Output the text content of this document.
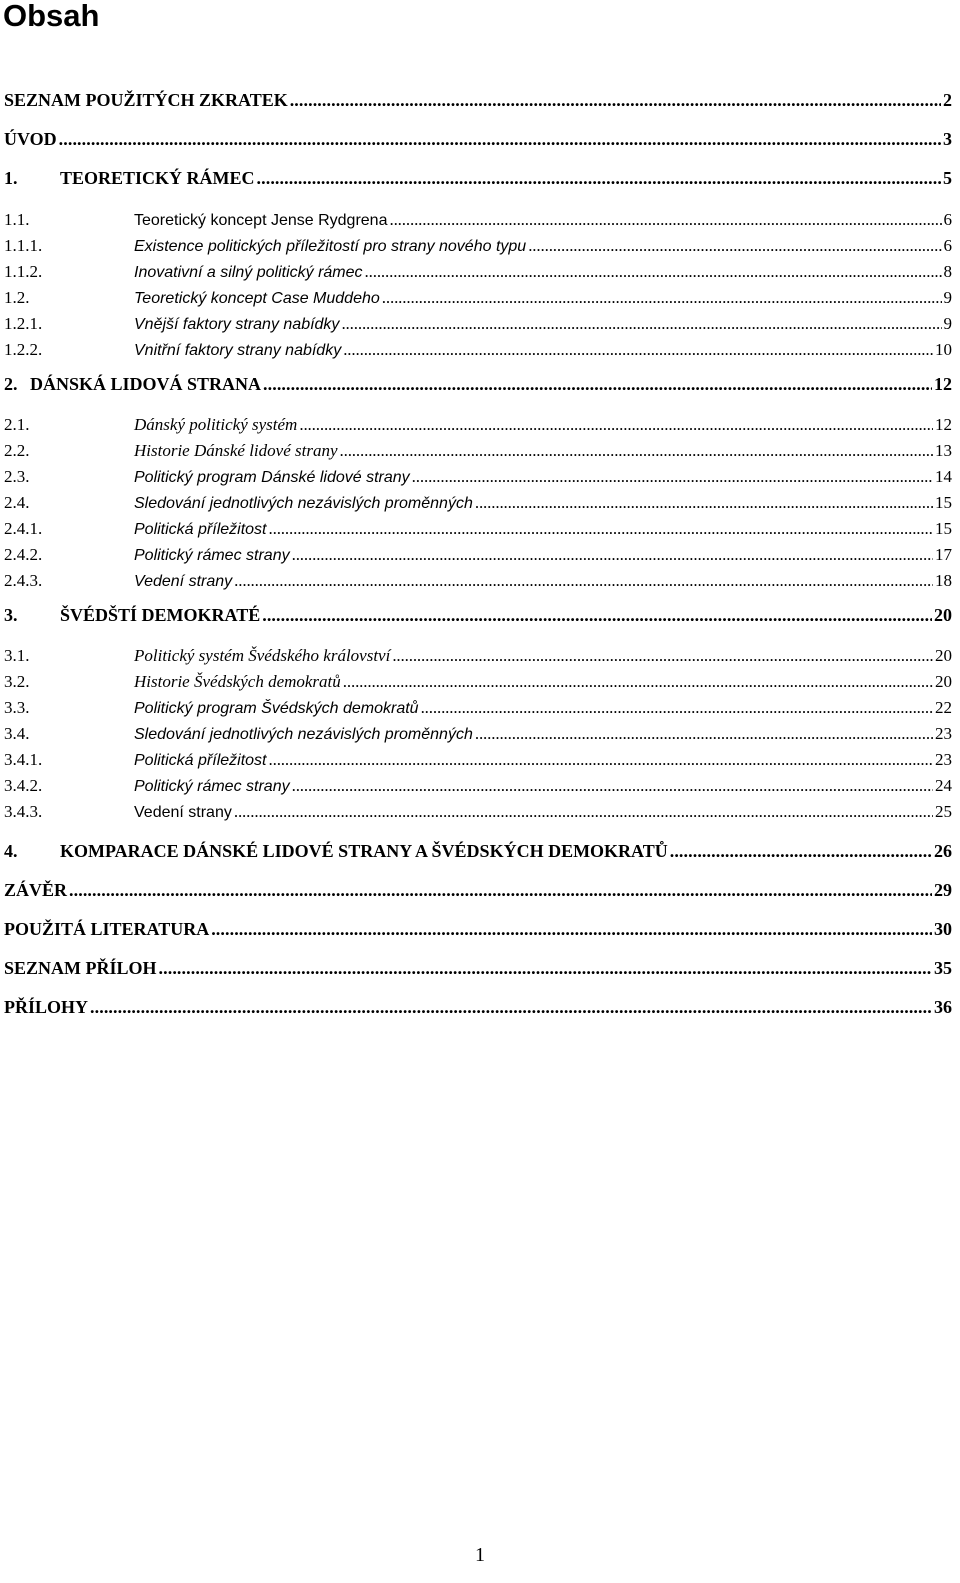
Obsah
SEZNAM POUŽITÝCH ZKRATEK . . .	2
ÚVOD . . .	3
1.	TEORETICKÝ RÁMEC . . .	5
1.1.	Teoretický koncept Jense Rydgrena . . .	6
1.1.1.	Existence politických příležitostí pro strany nového typu . . .	6
1.1.2.	Inovativní a silný politický rámec . . .	8
1.2.	Teoretický koncept Case Muddeho . . .	9
1.2.1.	Vnější faktory strany nabídky . . .	9
1.2.2.	Vnitřní faktory strany nabídky . . .	10
2. DÁNSKÁ LIDOVÁ STRANA . . .	12
2.1.	Dánský politický systém . . .	12
2.2.	Historie Dánské lidové strany . . .	13
2.3.	Politický program Dánské lidové strany . . .	14
2.4.	Sledování jednotlivých nezávislých proměnných . . .	15
2.4.1.	Politická příležitost . . .	15
2.4.2.	Politický rámec strany . . .	17
2.4.3.	Vedení strany . . .	18
3.	ŠVÉDŠTÍ DEMOKRATÉ . . .	20
3.1.	Politický systém Švédského království . . .	20
3.2.	Historie Švédských demokratů . . .	20
3.3.	Politický program Švédských demokratů . . .	22
3.4.	Sledování jednotlivých nezávislých proměnných . . .	23
3.4.1.	Politická příležitost . . .	23
3.4.2.	Politický rámec strany . . .	24
3.4.3.	Vedení strany . . .	25
4.	KOMPARACE DÁNSKÉ LIDOVÉ STRANY A ŠVÉDSKÝCH DEMOKRATŮ . . .	26
ZÁVĚR . . .	29
POUŽITÁ LITERATURA . . .	30
SEZNAM PŘÍLOH . . .	35
PŘÍLOHY . . .	36
1
